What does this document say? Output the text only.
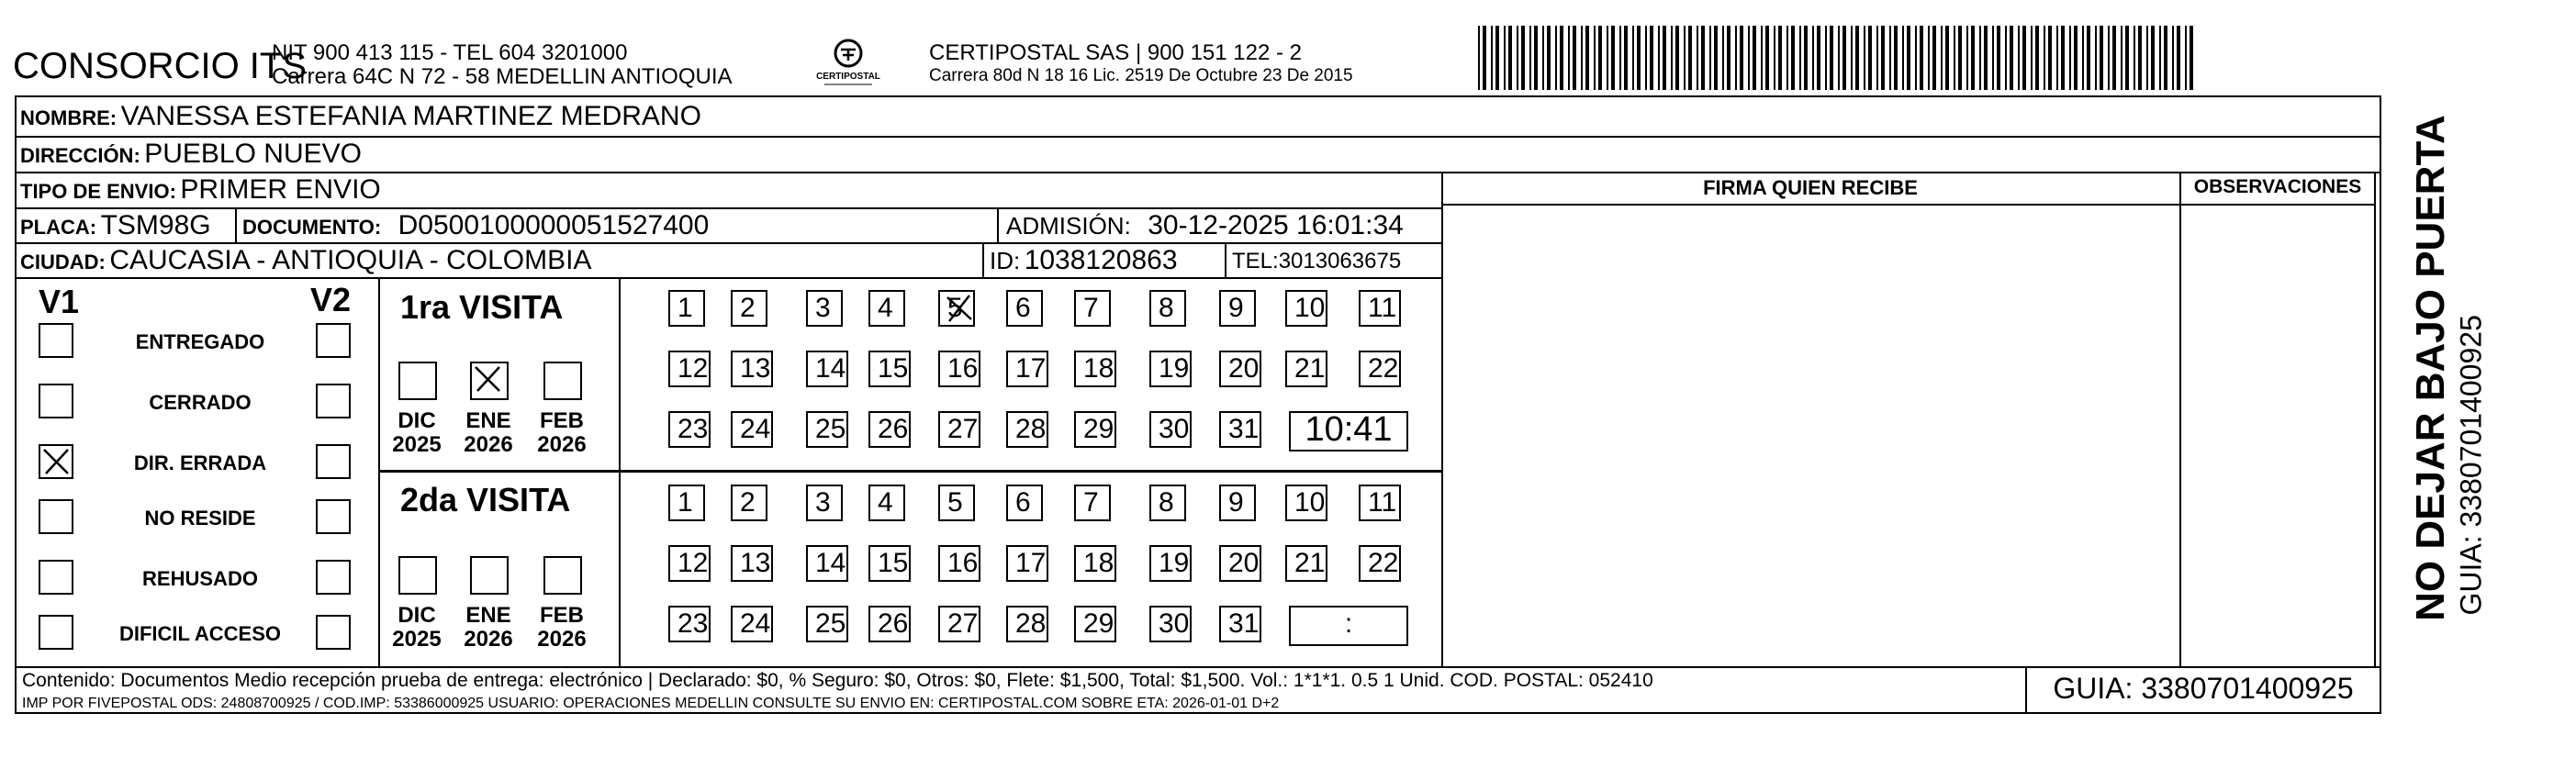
CONSORCIO ITS
NIT 900 413 115 - TEL 604 3201000
Carrera 64C N 72 - 58 MEDELLIN ANTIOQUIA	CERTIPOSTAL
CERTIPOSTAL SAS | 900 151 122 - 2
Carrera 80d N 18 16 Lic. 2519 De Octubre 23 De 2015
NOMBRE: VANESSA ESTEFANIA MARTINEZ MEDRANO
DIRECCIÓN: PUEBLO NUEVO
TIPO DE ENVIO: PRIMER ENVIO
PLACA: TSM98G DOCUMENTO: D0500100000051527400	ADMISIÓN: 30-12-2025 16:01:34
CIUDAD: CAUCASIA - ANTIOQUIA - COLOMBIA	ID: 1038120863 TEL:3013063675
FIRMA QUIEN RECIBE	OBSERVACIONES
V1	V2 1ra VISITA
2da VISITA
Contenido: Documentos Medio recepción prueba de entrega: electrónico | Declarado: $0, % Seguro: $0, Otros: $0, Flete: $1,500, Total: $1,500. Vol.: 1*1*1. 0.5 1 Unid. COD. POSTAL: 052410
IMP POR FIVEPOSTAL ODS: 24808700925 / COD.IMP: 53386000925 USUARIO: OPERACIONES MEDELLIN CONSULTE SU ENVIO EN: CERTIPOSTAL.COM SOBRE ETA: 2026-01-01 D+2	GUIA: 3380701400925
NO DEJAR BAJO PUERTA GUIA: 3380701400925
ENTREGADO
CERRADO
DIR. ERRADA
NO RESIDE
REHUSADO
DIFICIL ACCESO
DIC
2025
ENE
2026
FEB
2026
1	2	3	4	5	6	7	8	9	10	11
12	13	14	15	16	17	18	19	20	21	22
23	24	25	26	27	28	29	30	31	10:41
DIC
2025
ENE
2026
FEB
2026
1	2	3	4	5	6	7	8	9	10	11
12	13	14	15	16	17	18	19	20	21	22
23	24	25	26	27	28	29	30	31	:
